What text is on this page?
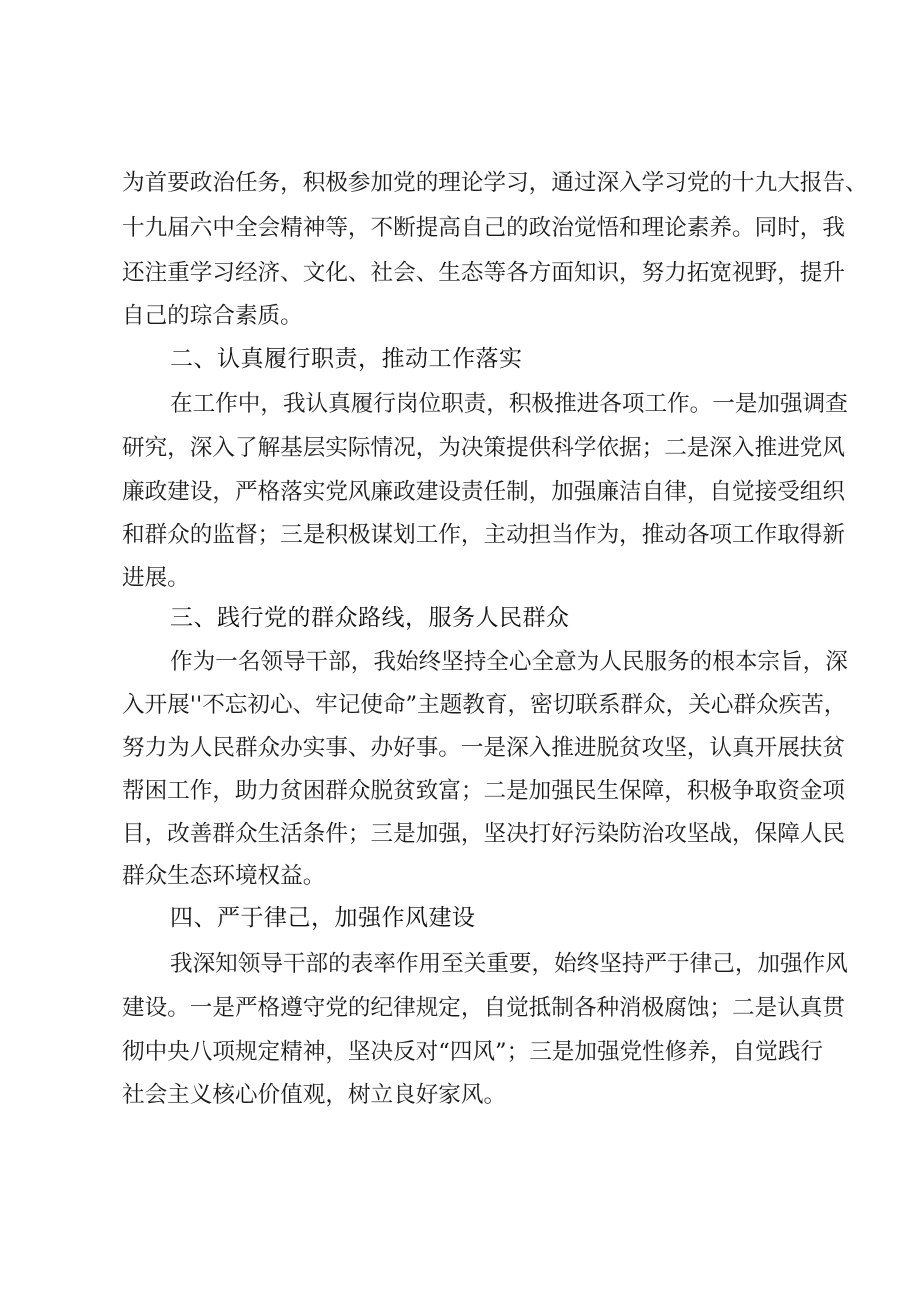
为首要政治任务，积极参加党的理论学习，通过深入学习党的十九大报告、
十九届六中全会精神等，不断提高自己的政治觉悟和理论素养。同时，我
还注重学习经济、文化、社会、生态等各方面知识，努力拓宽视野，提升
自己的琮合素质。
二、认真履行职责，推动工作落实
在工作中，我认真履行岗位职责，积极推进各项工作。一是加强调查
研究，深入了解基层实际情况，为决策提供科学依据；二是深入推进党风
廉政建设，严格落实党风廉政建设责任制，加强廉洁自律，自觉接受组织
和群众的监督；三是积极谋划工作，主动担当作为，推动各项工作取得新
进展。
三、践行党的群众路线，服务人民群众
作为一名领导干部，我始终坚持全心全意为人民服务的根本宗旨，深
入开展''不忘初心、牢记使命”主题教育，密切联系群众，关心群众疾苦，
努力为人民群众办实事、办好事。一是深入推进脱贫攻坚，认真开展扶贫
帮困工作，助力贫困群众脱贫致富；二是加强民生保障，积极争取资金项
目，改善群众生活条件；三是加强，坚决打好污染防治攻坚战，保障人民
群众生态环境权益。
四、严于律己，加强作风建设
我深知领导干部的表率作用至关重要，始终坚持严于律己，加强作风
建设。一是严格遵守党的纪律规定，自觉抵制各种消极腐蚀；二是认真贯
彻中央八项规定精神，坚决反对“四风”；三是加强党性修养，自觉践行
社会主义核心价值观，树立良好家风。
